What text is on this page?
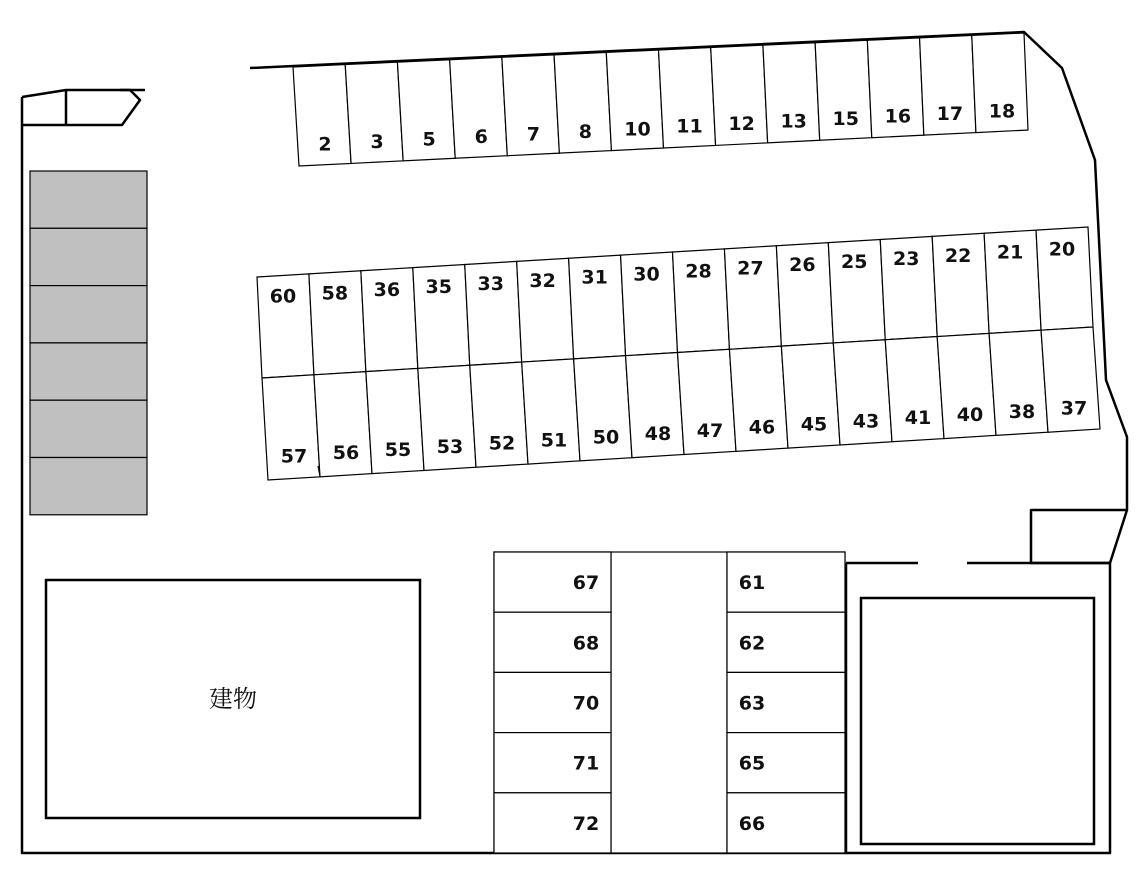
建物
2 3 5 6 7 8 10 11 12 13 15 16 17 18
60
57
58
56
36
55
35
53
33
52
32
51
31
50
30
48
28
47
27
46
26
45
25
43
23
41
22
40
21
38
20
37
67	61
68	62
70	63
71	65
72	66
